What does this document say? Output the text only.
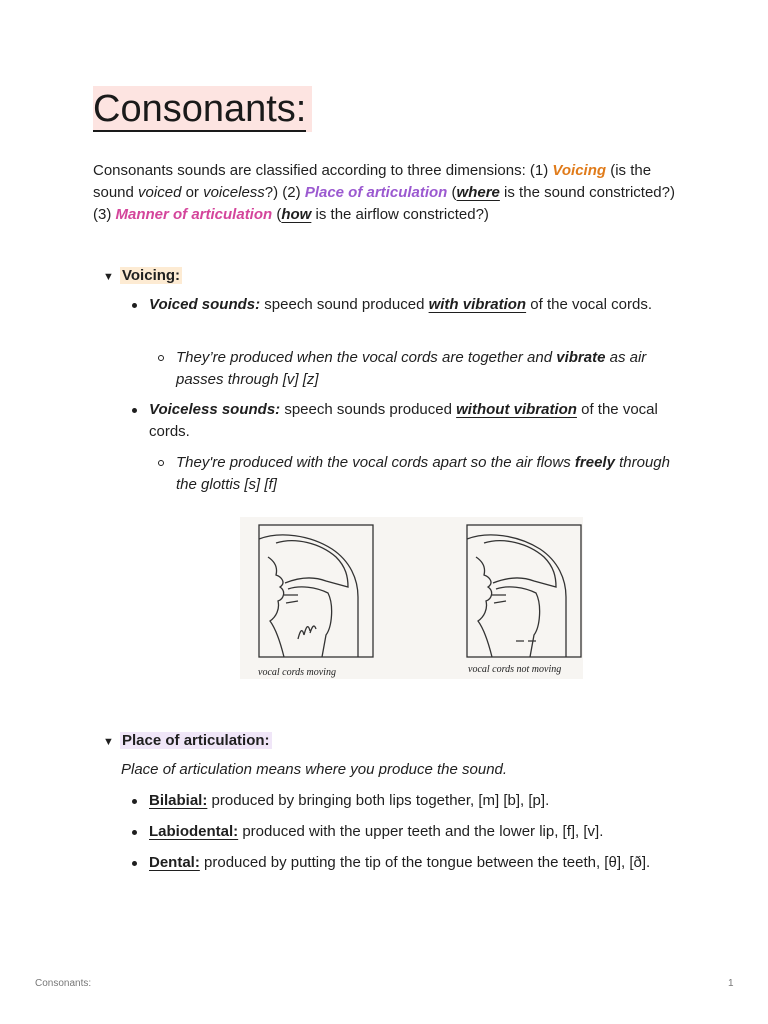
Consonants:
Consonants sounds are classified according to three dimensions: (1) Voicing (is the sound voiced or voiceless?) (2) Place of articulation (where is the sound constricted?) (3) Manner of articulation (how is the airflow constricted?)
▼ Voicing:
Voiced sounds: speech sound produced with vibration of the vocal cords.
They’re produced when the vocal cords are together and vibrate as air passes through [v] [z]
Voiceless sounds: speech sounds produced without vibration of the vocal cords.
They're produced with the vocal cords apart so the air flows freely through the glottis [s] [f]
vocal cords moving	vocal cords not moving
▼ Place of articulation:
Place of articulation means where you produce the sound.
Bilabial: produced by bringing both lips together, [m] [b], [p].
Labiodental: produced with the upper teeth and the lower lip, [f], [v].
Dental: produced by putting the tip of the tongue between the teeth, [θ], [ð].
Consonants:	1
